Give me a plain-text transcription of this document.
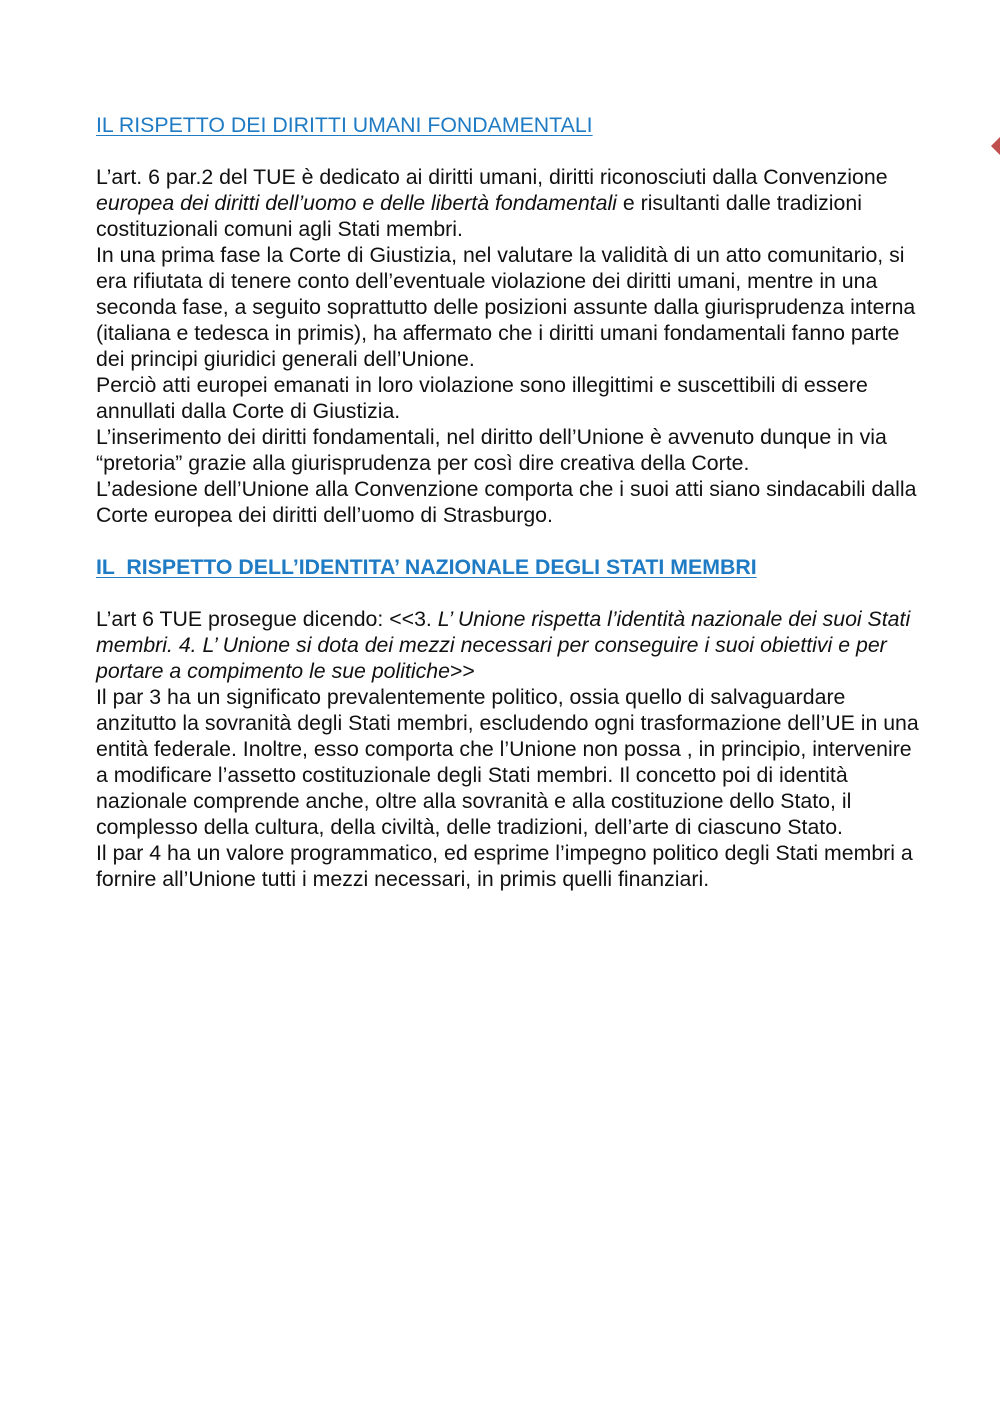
IL RISPETTO DEI DIRITTI UMANI FONDAMENTALI

L’art. 6 par.2 del TUE è dedicato ai diritti umani, diritti riconosciuti dalla Convenzione europea dei diritti dell’uomo e delle libertà fondamentali e risultanti dalle tradizioni costituzionali comuni agli Stati membri.

In una prima fase la Corte di Giustizia, nel valutare la validità di un atto comunitario, si era rifiutata di tenere conto dell’eventuale violazione dei diritti umani, mentre in una seconda fase, a seguito soprattutto delle posizioni assunte dalla giurisprudenza interna (italiana e tedesca in primis), ha affermato che i diritti umani fondamentali fanno parte dei principi giuridici generali dell’Unione.

Perciò atti europei emanati in loro violazione sono illegittimi e suscettibili di essere annullati dalla Corte di Giustizia.

L’inserimento dei diritti fondamentali, nel diritto dell’Unione è avvenuto dunque in via “pretoria” grazie alla giurisprudenza per così dire creativa della Corte.

L’adesione dell’Unione alla Convenzione comporta che i suoi atti siano sindacabili dalla Corte europea dei diritti dell’uomo di Strasburgo.

IL  RISPETTO DELL’IDENTITA’ NAZIONALE DEGLI STATI MEMBRI

L’art 6 TUE prosegue dicendo: <<3. L’ Unione rispetta l’identità nazionale dei suoi Stati membri. 4. L’ Unione si dota dei mezzi necessari per conseguire i suoi obiettivi e per portare a compimento le sue politiche>>

Il par 3 ha un significato prevalentemente politico, ossia quello di salvaguardare anzitutto la sovranità degli Stati membri, escludendo ogni trasformazione dell’UE in una entità federale. Inoltre, esso comporta che l’Unione non possa , in principio, intervenire a modificare l’assetto costituzionale degli Stati membri. Il concetto poi di identità nazionale comprende anche, oltre alla sovranità e alla costituzione dello Stato, il complesso della cultura, della civiltà, delle tradizioni, dell’arte di ciascuno Stato.

Il par 4 ha un valore programmatico, ed esprime l’impegno politico degli Stati membri a fornire all’Unione tutti i mezzi necessari, in primis quelli finanziari.
